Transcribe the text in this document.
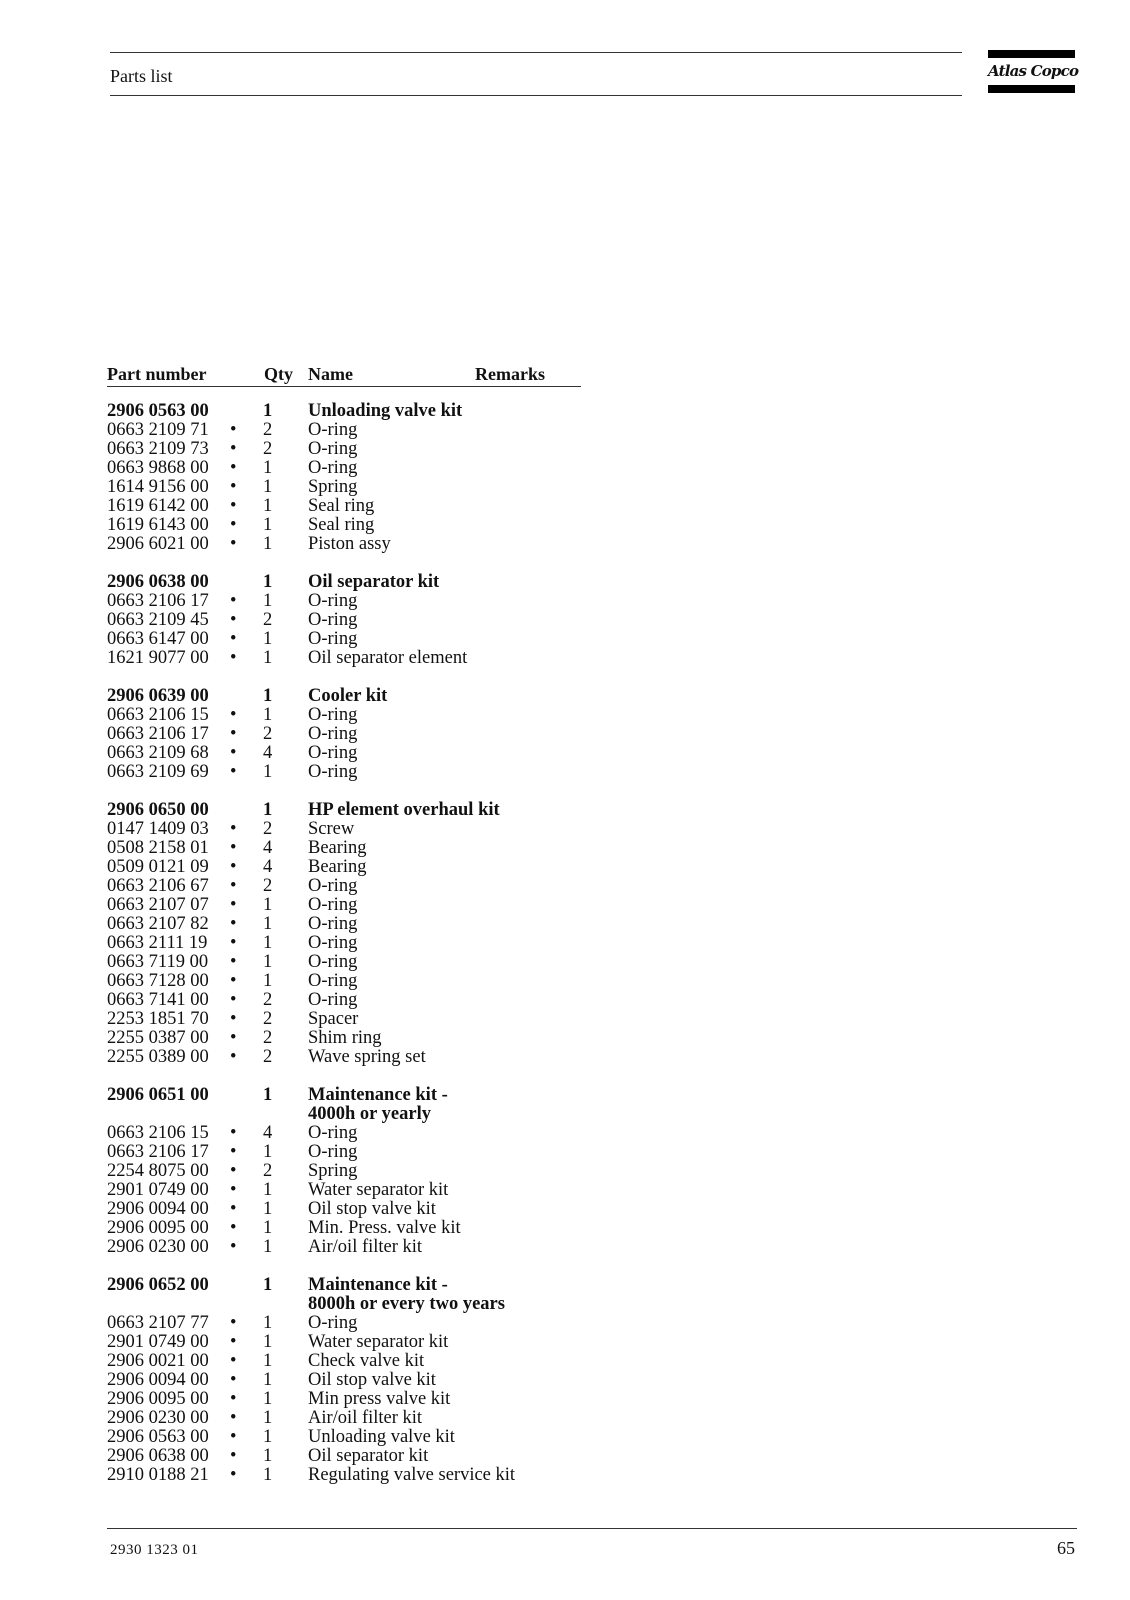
Parts list	Atlas Copco
Part number	Qty Name	Remarks
2906 0563 00	1 Unloading valve kit
0663 2109 71 • 2 O-ring
0663 2109 73 • 2 O-ring
0663 9868 00 • 1 O-ring
1614 9156 00 • 1 Spring
1619 6142 00 • 1 Seal ring
1619 6143 00 • 1 Seal ring
2906 6021 00 • 1 Piston assy
2906 0638 00	1 Oil separator kit
0663 2106 17 • 1 O-ring
0663 2109 45 • 2 O-ring
0663 6147 00 • 1 O-ring
1621 9077 00 • 1 Oil separator element
2906 0639 00	1 Cooler kit
0663 2106 15 • 1 O-ring
0663 2106 17 • 2 O-ring
0663 2109 68 • 4 O-ring
0663 2109 69 • 1 O-ring
2906 0650 00	1 HP element overhaul kit
0147 1409 03 • 2 Screw
0508 2158 01 • 4 Bearing
0509 0121 09 • 4 Bearing
0663 2106 67 • 2 O-ring
0663 2107 07 • 1 O-ring
0663 2107 82 • 1 O-ring
0663 2111 19 • 1 O-ring
0663 7119 00 • 1 O-ring
0663 7128 00 • 1 O-ring
0663 7141 00 • 2 O-ring
2253 1851 70 • 2 Spacer
2255 0387 00 • 2 Shim ring
2255 0389 00 • 2 Wave spring set
2906 0651 00	1 Maintenance kit -
4000h or yearly
0663 2106 15 • 4 O-ring
0663 2106 17 • 1 O-ring
2254 8075 00 • 2 Spring
2901 0749 00 • 1 Water separator kit
2906 0094 00 • 1 Oil stop valve kit
2906 0095 00 • 1 Min. Press. valve kit
2906 0230 00 • 1 Air/oil filter kit
2906 0652 00	1 Maintenance kit -
8000h or every two years
0663 2107 77 • 1 O-ring
2901 0749 00 • 1 Water separator kit
2906 0021 00 • 1 Check valve kit
2906 0094 00 • 1 Oil stop valve kit
2906 0095 00 • 1 Min press valve kit
2906 0230 00 • 1 Air/oil filter kit
2906 0563 00 • 1 Unloading valve kit
2906 0638 00 • 1 Oil separator kit
2910 0188 21 • 1 Regulating valve service kit
2930 1323 01	65
